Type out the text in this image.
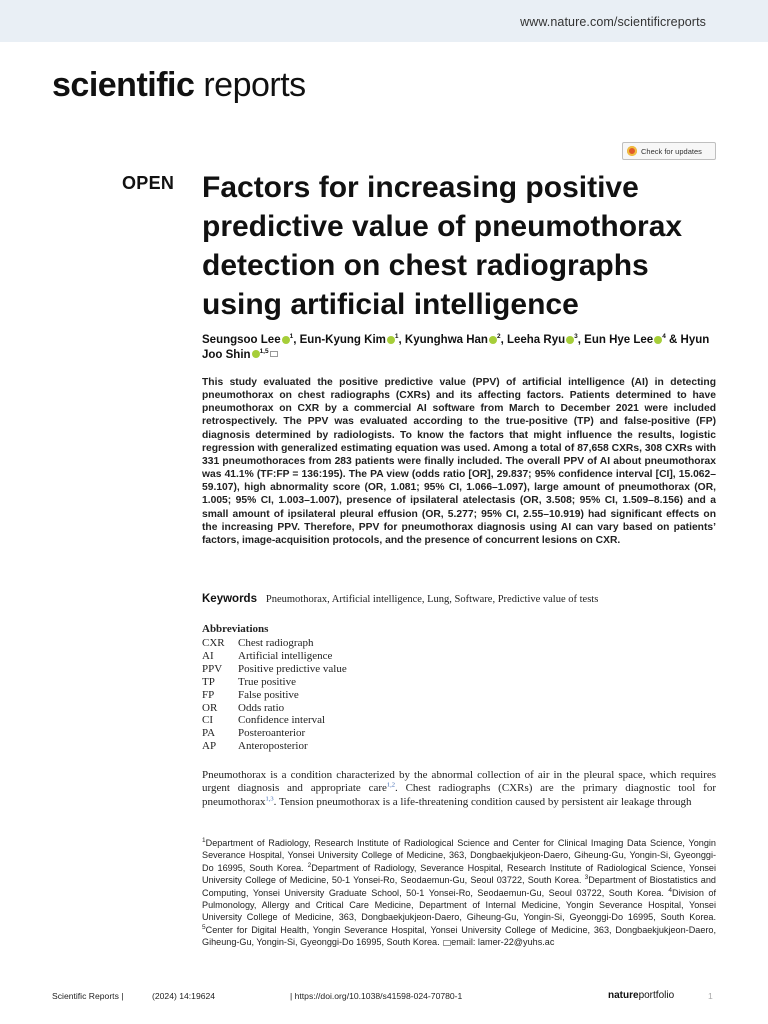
www.nature.com/scientificreports
scientific reports
Check for updates
OPEN Factors for increasing positive predictive value of pneumothorax detection on chest radiographs using artificial intelligence
Seungsoo Lee $^1$, Eun-Kyung Kim $^1$, Kyunghwa Han $^2$, Leeha Ryu $^3$, Eun Hye Lee $^4$ & Hyun Joo Shin $^{1,5}$

This study evaluated the positive predictive value (PPV) of artificial intelligence (AI) in detecting pneumothorax on chest radiographs (CXRs) and its affecting factors. Patients determined to have pneumothorax on CXR by a commercial AI software from March to December 2021 were included retrospectively. The PPV was evaluated according to the true-positive (TP) and false-positive (FP) diagnosis determined by radiologists. To know the factors that might influence the results, logistic regression with generalized estimating equation was used. Among a total of 87,658 CXRs, 308 CXRs with 331 pneumothoraces from 283 patients were finally included. The overall PPV of AI about pneumothorax was 41.1% (TF:FP = 136:195). The PA view (odds ratio [OR], 29.837; 95% confidence interval [CI], 15.062–59.107), high abnormality score (OR, 1.081; 95% CI, 1.066–1.097), large amount of pneumothorax (OR, 1.005; 95% CI, 1.003–1.007), presence of ipsilateral atelectasis (OR, 3.508; 95% CI, 1.509–8.156) and a small amount of ipsilateral pleural effusion (OR, 5.277; 95% CI, 2.55–10.919) had significant effects on the increasing PPV. Therefore, PPV for pneumothorax diagnosis using AI can vary based on patients’ factors, image-acquisition protocols, and the presence of concurrent lesions on CXR.

Keywords Pneumothorax, Artificial intelligence, Lung, Software, Predictive value of tests
Abbreviations
CXR	Chest radiograph
AI	Artificial intelligence
PPV	Positive predictive value
TP	True positive
FP	False positive
OR	Odds ratio
CI	Confidence interval
PA	Posteroanterior
AP	Anteroposterior

Pneumothorax is a condition characterized by the abnormal collection of air in the pleural space, which requires urgent diagnosis and appropriate care$^{1,2}$. Chest radiographs (CXRs) are the primary diagnostic tool for pneumothorax$^{1,3}$. Tension pneumothorax is a life-threatening condition caused by persistent air leakage through

$^1$Department of Radiology, Research Institute of Radiological Science and Center for Clinical Imaging Data Science, Yongin Severance Hospital, Yonsei University College of Medicine, 363, Dongbaekjukjeon-Daero, Giheung-Gu, Yongin-Si, Gyeonggi-Do 16995, South Korea. $^2$Department of Radiology, Severance Hospital, Research Institute of Radiological Science, Yonsei University College of Medicine, 50-1 Yonsei-Ro, Seodaemun-Gu, Seoul 03722, South Korea. $^3$Department of Biostatistics and Computing, Yonsei University Graduate School, 50-1 Yonsei-Ro, Seodaemun-Gu, Seoul 03722, South Korea. $^4$Division of Pulmonology, Allergy and Critical Care Medicine, Department of Internal Medicine, Yongin Severance Hospital, Yonsei University College of Medicine, 363, Dongbaekjukjeon-Daero, Giheung-Gu, Yongin-Si, Gyeonggi-Do 16995, South Korea. $^5$Center for Digital Health, Yongin Severance Hospital, Yonsei University College of Medicine, 363, Dongbaekjukjeon-Daero, Giheung-Gu, Yongin-Si, Gyeonggi-Do 16995, South Korea. email: lamer-22@yuhs.ac

Scientific Reports |	(2024) 14:19624	| https://doi.org/10.1038/s41598-024-70780-1	natureportfolio	1
